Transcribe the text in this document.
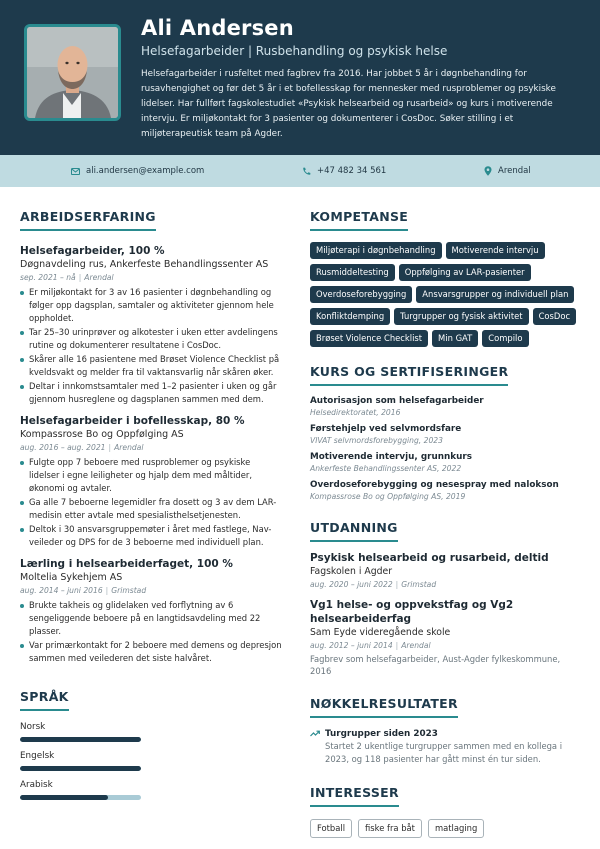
Ali Andersen
Helsefagarbeider | Rusbehandling og psykisk helse
Helsefagarbeider i rusfeltet med fagbrev fra 2016. Har jobbet 5 år i døgnbehandling for rusavhengighet og før det 5 år i et bofellesskap for mennesker med rusproblemer og psykiske lidelser. Har fullført fagskolestudiet «Psykisk helsearbeid og rusarbeid» og kurs i motiverende intervju. Er miljøkontakt for 3 pasienter og dokumenterer i CosDoc. Søker stilling i et miljøterapeutisk team på Agder.
ali.andersen@example.com	+47 482 34 561	Arendal
ARBEIDSERFARING
Helsefagarbeider, 100 %
Døgnavdeling rus, Ankerfeste Behandlingssenter AS
sep. 2021 – nå | Arendal
Er miljøkontakt for 3 av 16 pasienter i døgnbehandling og følger opp dagsplan, samtaler og aktiviteter gjennom hele oppholdet.
Tar 25–30 urinprøver og alkotester i uken etter avdelingens rutine og dokumenterer resultatene i CosDoc.
Skårer alle 16 pasientene med Brøset Violence Checklist på kveldsvakt og melder fra til vaktansvarlig når skåren øker.
Deltar i innkomstsamtaler med 1–2 pasienter i uken og går gjennom husreglene og dagsplanen sammen med dem.
Helsefagarbeider i bofellesskap, 80 %
Kompassrose Bo og Oppfølging AS
aug. 2016 – aug. 2021 | Arendal
Fulgte opp 7 beboere med rusproblemer og psykiske lidelser i egne leiligheter og hjalp dem med måltider, økonomi og avtaler.
Ga alle 7 beboerne legemidler fra dosett og 3 av dem LAR-medisin etter avtale med spesialisthelsetjenesten.
Deltok i 30 ansvarsgruppemøter i året med fastlege, Nav-veileder og DPS for de 3 beboerne med individuell plan.
Lærling i helsearbeiderfaget, 100 %
Moltelia Sykehjem AS
aug. 2014 – juni 2016 | Grimstad
Brukte takheis og glidelaken ved forflytning av 6 sengeliggende beboere på en langtidsavdeling med 22 plasser.
Var primærkontakt for 2 beboere med demens og depresjon sammen med veilederen det siste halvåret.
SPRÅK
Norsk
Engelsk
Arabisk
KOMPETANSE
Miljøterapi i døgnbehandling	Motiverende intervju
Rusmiddeltesting	Oppfølging av LAR-pasienter
Overdoseforebygging	Ansvarsgrupper og individuell plan
Konfliktdemping	Turgrupper og fysisk aktivitet	CosDoc
Brøset Violence Checklist	Min GAT	Compilo
KURS OG SERTIFISERINGER
Autorisasjon som helsefagarbeider
Helsedirektoratet, 2016
Førstehjelp ved selvmordsfare
VIVAT selvmordsforebygging, 2023
Motiverende intervju, grunnkurs
Ankerfeste Behandlingssenter AS, 2022
Overdoseforebygging og nesespray med nalokson
Kompassrose Bo og Oppfølging AS, 2019
UTDANNING
Psykisk helsearbeid og rusarbeid, deltid
Fagskolen i Agder
aug. 2020 – juni 2022 | Grimstad
Vg1 helse- og oppvekstfag og Vg2 helsearbeiderfag
Sam Eyde videregående skole
aug. 2012 – juni 2014 | Arendal
Fagbrev som helsefagarbeider, Aust-Agder fylkeskommune, 2016
NØKKELRESULTATER
Turgrupper siden 2023
Startet 2 ukentlige turgrupper sammen med en kollega i 2023, og 118 pasienter har gått minst én tur siden.
INTERESSER
Fotball	fiske fra båt	matlaging
